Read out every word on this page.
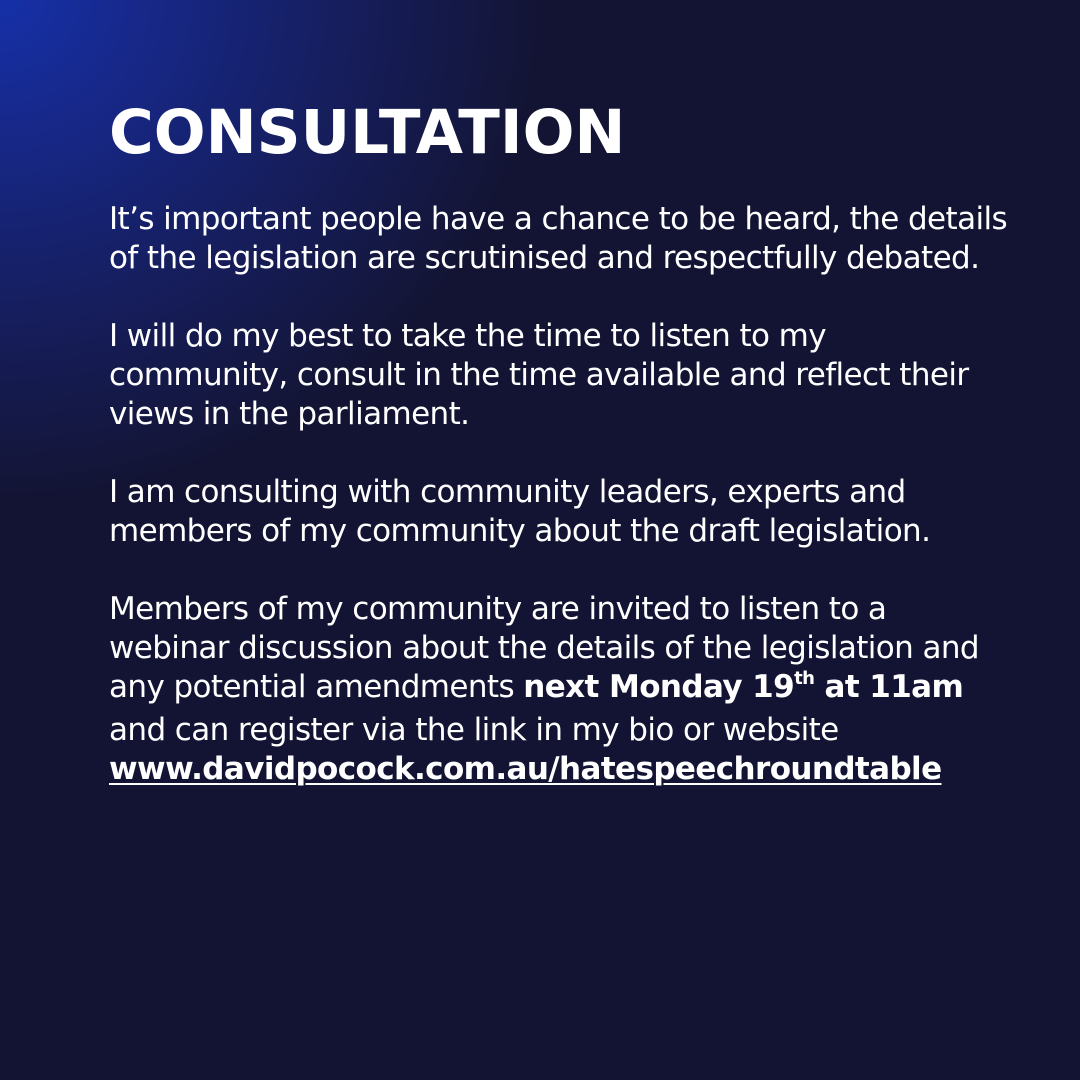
CONSULTATION

It’s important people have a chance to be heard, the details of the legislation are scrutinised and respectfully debated.

I will do my best to take the time to listen to my community, consult in the time available and reflect their views in the parliament.

I am consulting with community leaders, experts and members of my community about the draft legislation.

Members of my community are invited to listen to a webinar discussion about the details of the legislation and any potential amendments next Monday 19th at 11am and can register via the link in my bio or website www.davidpocock.com.au/hatespeechroundtable
